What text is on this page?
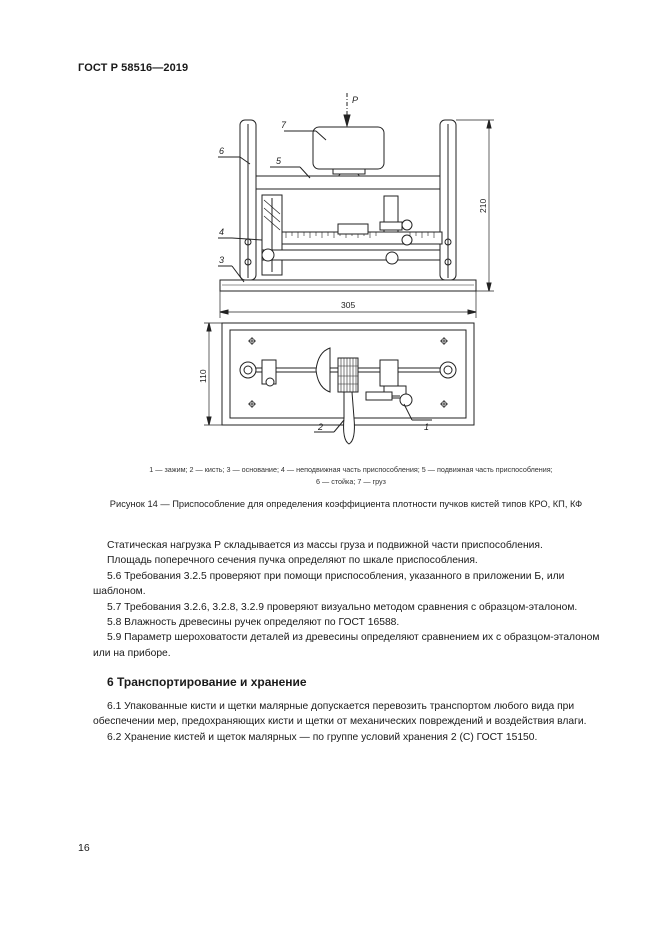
ГОСТ Р 58516—2019
P
7
6
5
4
3
2	1
305
210
110
1 — зажим; 2 — кисть; 3 — основание; 4 — неподвижная часть приспособления; 5 — подвижная часть приспособления;
6 — стойка; 7 — груз
Рисунок 14 — Приспособление для определения коэффициента плотности пучков кистей типов КРО, КП, КФ

Статическая нагрузка Р складывается из массы груза и подвижной части приспособления.

Площадь поперечного сечения пучка определяют по шкале приспособления.

5.6 Требования 3.2.5 проверяют при помощи приспособления, указанного в приложении Б, или шаблоном.

5.7 Требования 3.2.6, 3.2.8, 3.2.9 проверяют визуально методом сравнения с образцом-эталоном.

5.8 Влажность древесины ручек определяют по ГОСТ 16588.

5.9 Параметр шероховатости деталей из древесины определяют сравнением их с образцом-эталоном или на приборе.

6 Транспортирование и хранение

6.1 Упакованные кисти и щетки малярные допускается перевозить транспортом любого вида при обеспечении мер, предохраняющих кисти и щетки от механических повреждений и воздействия влаги.

6.2 Хранение кистей и щеток малярных — по группе условий хранения 2 (С) ГОСТ 15150.

16
